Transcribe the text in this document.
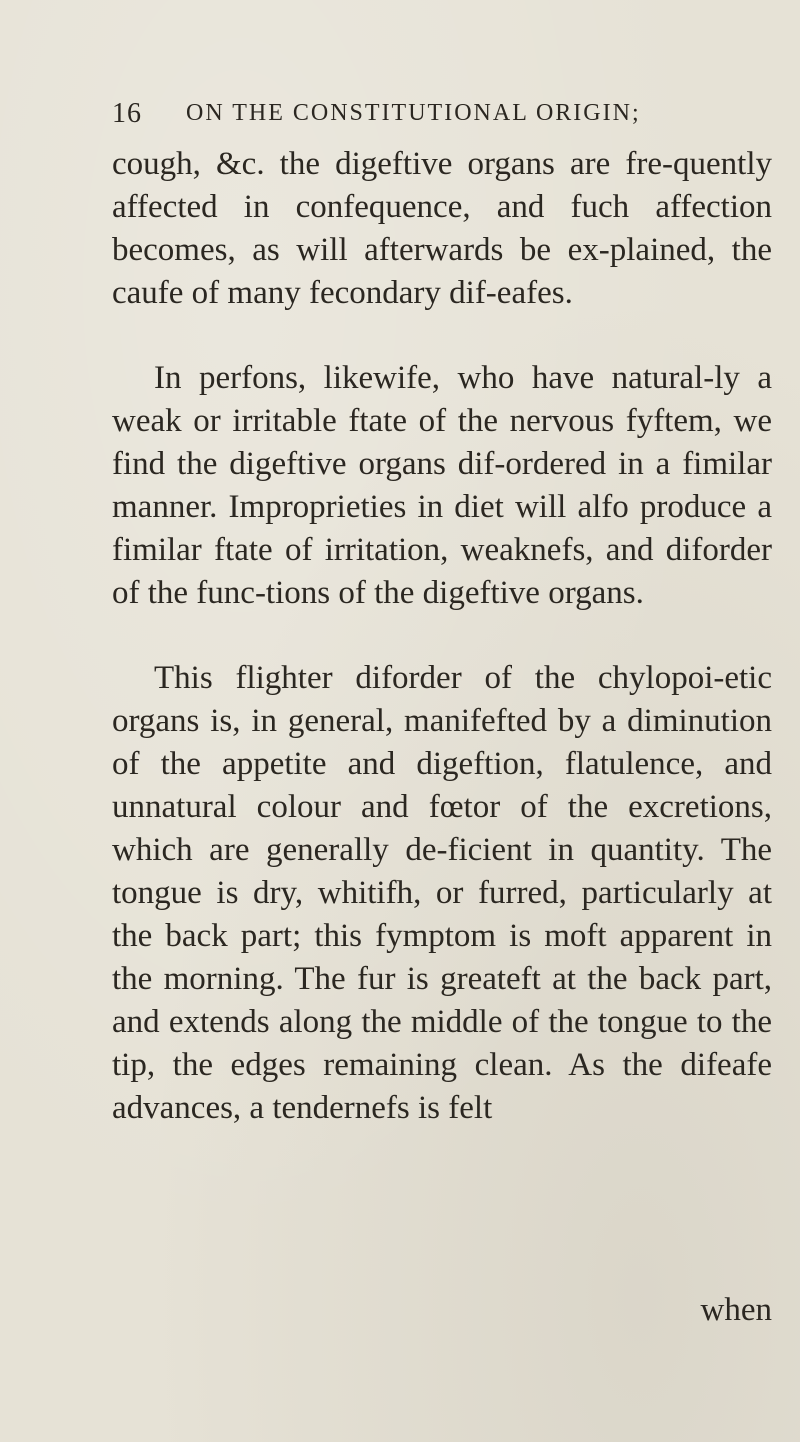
16 ON THE CONSTITUTIONAL ORIGIN;

cough, &c. the digeftive organs are fre-quently affected in confequence, and fuch affection becomes, as will afterwards be ex-plained, the caufe of many fecondary dif-eafes.

In perfons, likewife, who have natural-ly a weak or irritable ftate of the nervous fyftem, we find the digeftive organs dif-ordered in a fimilar manner. Improprieties in diet will alfo produce a fimilar ftate of irritation, weaknefs, and diforder of the func-tions of the digeftive organs.

This flighter diforder of the chylopoi-etic organs is, in general, manifefted by a diminution of the appetite and digeftion, flatulence, and unnatural colour and fœtor of the excretions, which are generally de-ficient in quantity. The tongue is dry, whitifh, or furred, particularly at the back part; this fymptom is moft apparent in the morning. The fur is greateft at the back part, and extends along the middle of the tongue to the tip, the edges remaining clean. As the difeafe advances, a tendernefs is felt

when
